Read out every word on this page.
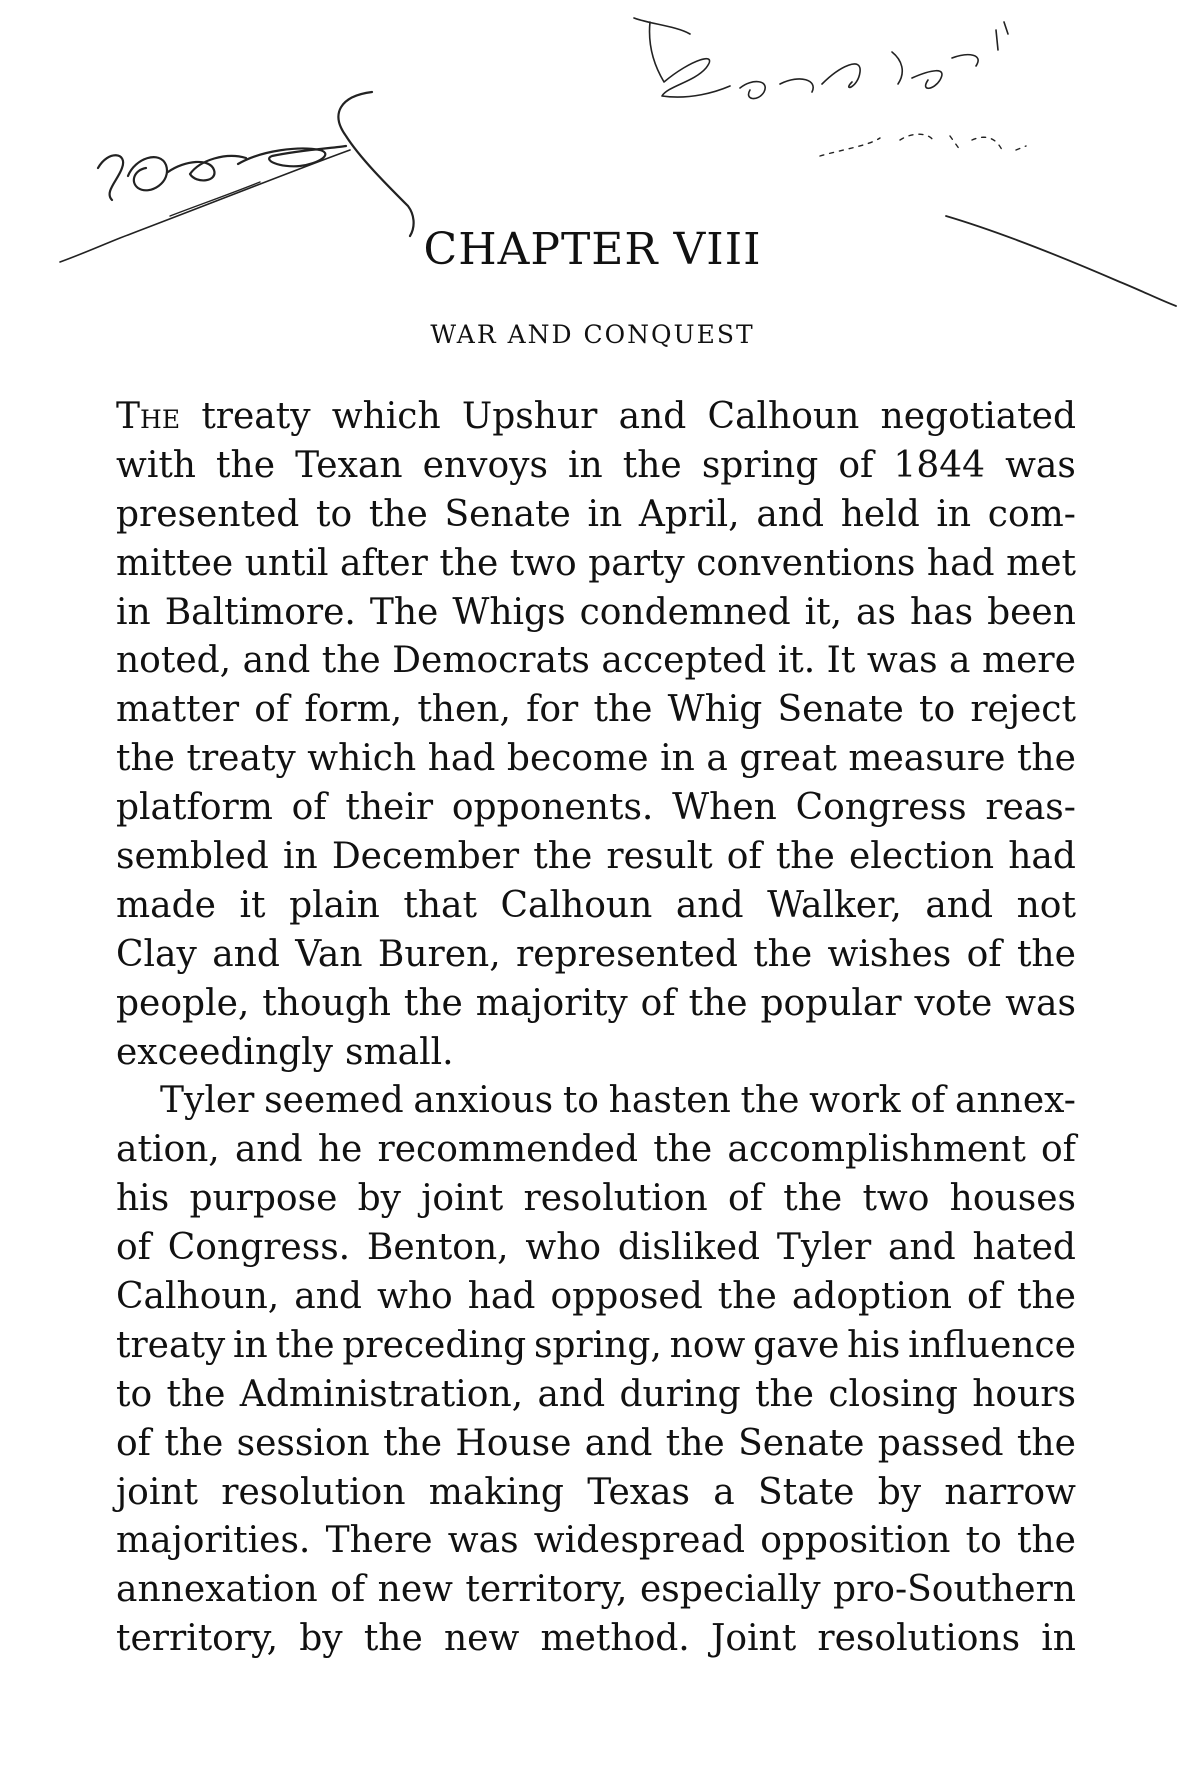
CHAPTER VIII
WAR AND CONQUEST
The treaty which Upshur and Calhoun negotiated
with the Texan envoys in the spring of 1844 was
presented to the Senate in April, and held in com-
mittee until after the two party conventions had met
in Baltimore. The Whigs condemned it, as has been
noted, and the Democrats accepted it. It was a mere
matter of form, then, for the Whig Senate to reject
the treaty which had become in a great measure the
platform of their opponents. When Congress reas-
sembled in December the result of the election had
made it plain that Calhoun and Walker, and not
Clay and Van Buren, represented the wishes of the
people, though the majority of the popular vote was
exceedingly small.
Tyler seemed anxious to hasten the work of annex-
ation, and he recommended the accomplishment of
his purpose by joint resolution of the two houses
of Congress. Benton, who disliked Tyler and hated
Calhoun, and who had opposed the adoption of the
treaty in the preceding spring, now gave his influence
to the Administration, and during the closing hours
of the session the House and the Senate passed the
joint resolution making Texas a State by narrow
majorities. There was widespread opposition to the
annexation of new territory, especially pro-Southern
territory, by the new method. Joint resolutions in
